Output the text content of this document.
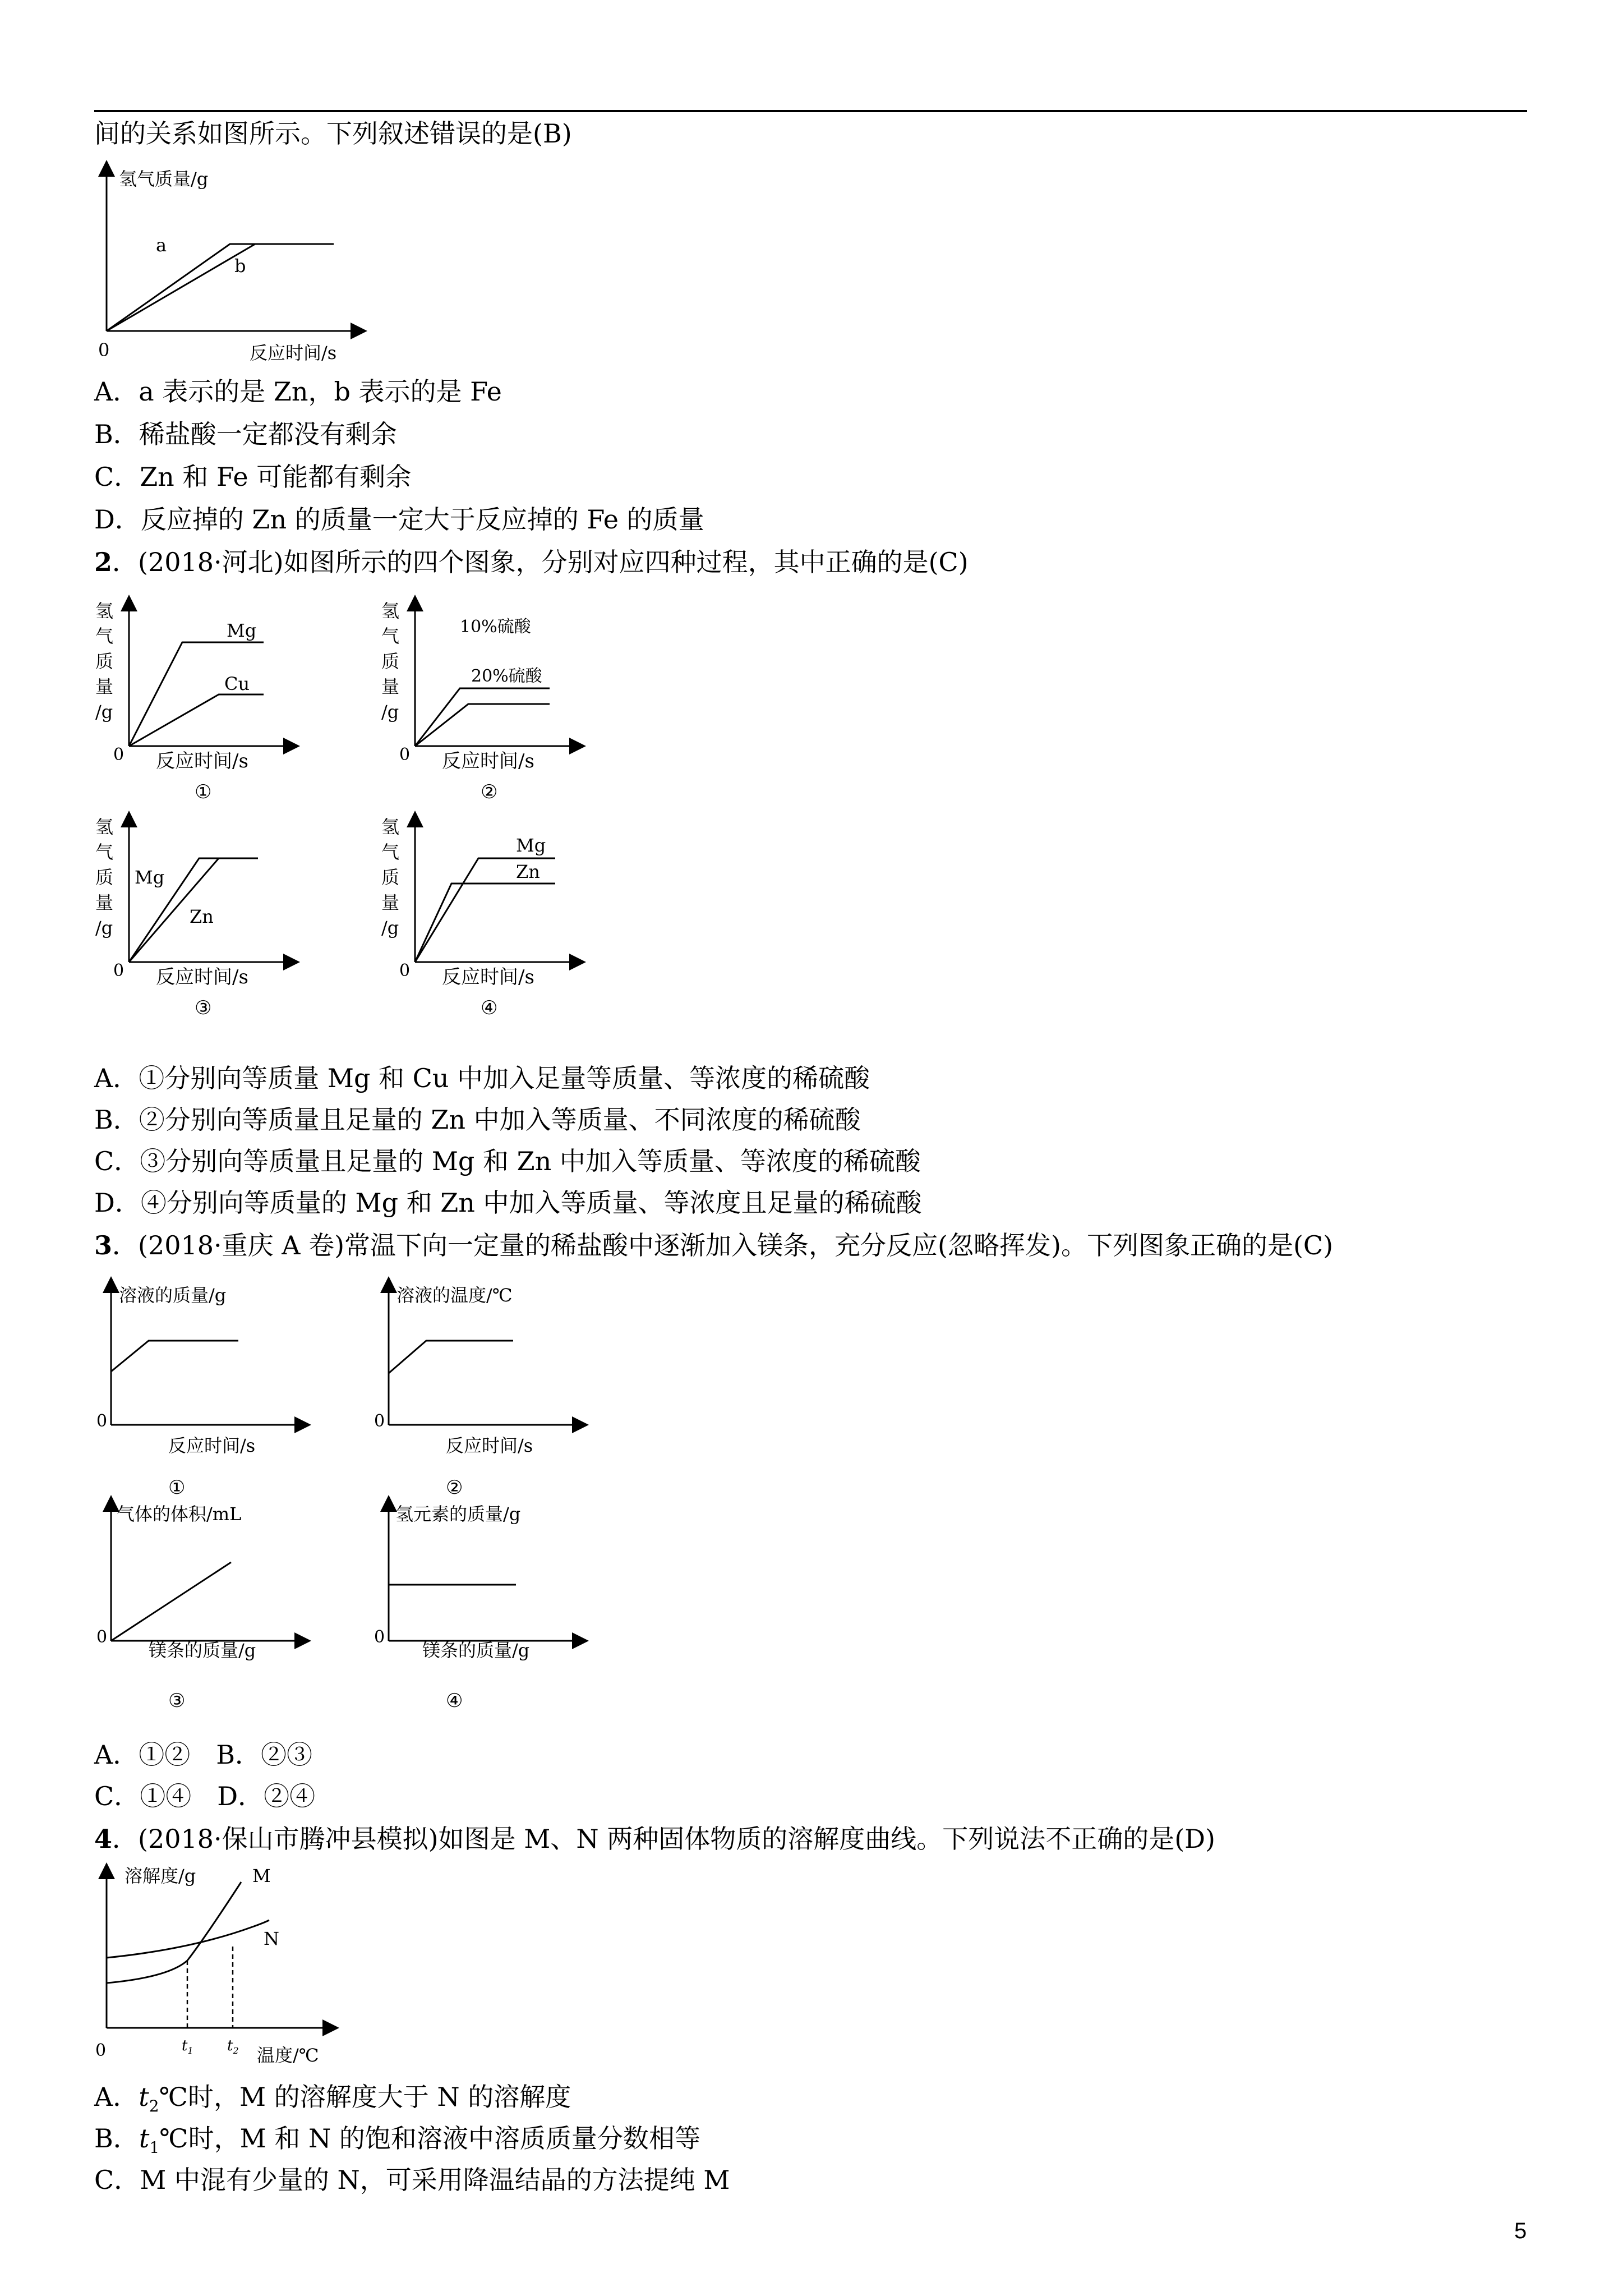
间的关系如图所示。下列叙述错误的是(B)
氢气质量/g
0	反应时间/s
a
b
A．a 表示的是 Zn，b 表示的是 Fe
B．稀盐酸一定都没有剩余
C．Zn 和 Fe 可能都有剩余
D．反应掉的 Zn 的质量一定大于反应掉的 Fe 的质量
2．(2018·河北)如图所示的四个图象，分别对应四种过程，其中正确的是(C)
氢
气
质
量
/g
0 反应时间/s
Mg
Cu
①
氢
气
质
量
/g
0 反应时间/s
10%硫酸
20%硫酸
②
氢
气
质
量
/g
0 反应时间/s
Mg
Zn
③
氢
气
质
量
/g
0 反应时间/s
Mg
Zn
④
A．①分别向等质量 Mg 和 Cu 中加入足量等质量、等浓度的稀硫酸
B．②分别向等质量且足量的 Zn 中加入等质量、不同浓度的稀硫酸
C．③分别向等质量且足量的 Mg 和 Zn 中加入等质量、等浓度的稀硫酸
D．④分别向等质量的 Mg 和 Zn 中加入等质量、等浓度且足量的稀硫酸
3．(2018·重庆 A 卷)常温下向一定量的稀盐酸中逐渐加入镁条，充分反应(忽略挥发)。下列图象正确的是(C)
溶液的质量/g
0
反应时间/s
①
溶液的温度/℃
0
反应时间/s
②
气体的体积/mL
0
镁条的质量/g
③
氢元素的质量/g
0
镁条的质量/g
④
A．①②　B．②③
C．①④　D．②④
4．(2018·保山市腾冲县模拟)如图是 M、N 两种固体物质的溶解度曲线。下列说法不正确的是(D)
溶解度/g	M
N
0	$t_1$ $t_2$ 温度/℃
A．$t_2℃$时，M 的溶解度大于 N 的溶解度
B．$t_1℃$时，M 和 N 的饱和溶液中溶质质量分数相等
C．M 中混有少量的 N，可采用降温结晶的方法提纯 M
5
